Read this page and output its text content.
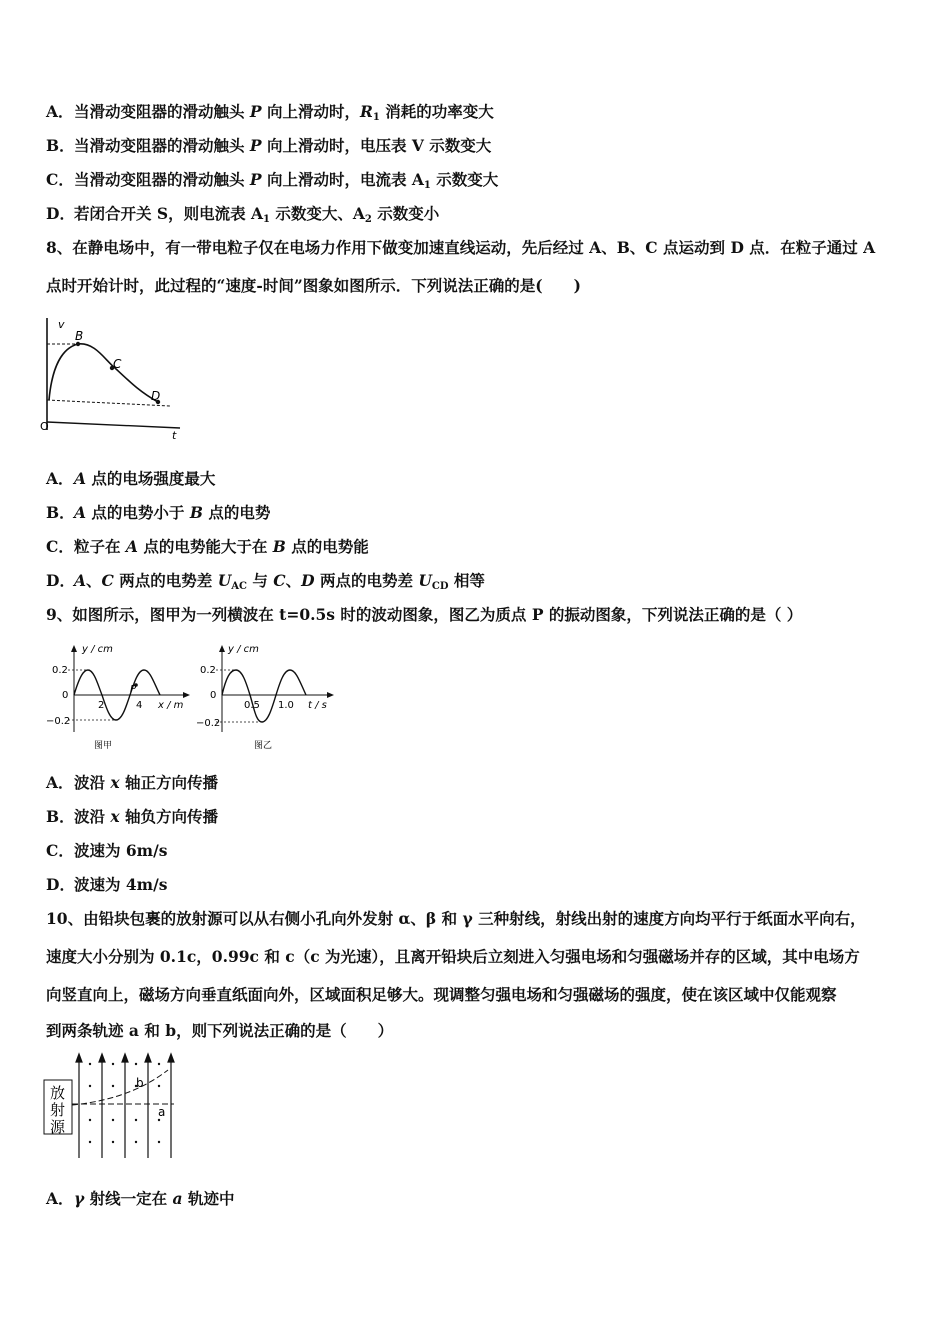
A．当滑动变阻器的滑动触头 P 向上滑动时，$R_1$ 消耗的功率变大
B．当滑动变阻器的滑动触头 P 向上滑动时，电压表 V 示数变大
C．当滑动变阻器的滑动触头 P 向上滑动时，电流表 $A_1$ 示数变大
D．若闭合开关 S，则电流表 $A_1$ 示数变大、$A_2$ 示数变小
8、在静电场中，有一带电粒子仅在电场力作用下做变加速直线运动，先后经过 A、B、C 点运动到 D 点．在粒子通过 A
点时开始计时，此过程的“速度-时间”图象如图所示．下列说法正确的是(　　)
v
B
C
D
O
t
A．A 点的电场强度最大
B．A 点的电势小于 B 点的电势
C．粒子在 A 点的电势能大于在 B 点的电势能
D．A、C 两点的电势差 $U_{AC}$ 与 C、D 两点的电势差 $U_{CD}$ 相等
9、如图所示，图甲为一列横波在 t=0.5s 时的波动图象，图乙为质点 P 的振动图象，下列说法正确的是（ ）
y / cm
0.2
0
−0.2
2	4
P
x / m
图甲
y / cm
0.2
0
−0.2
0.5 1.0 t / s
图乙
A．波沿 x 轴正方向传播
B．波沿 x 轴负方向传播
C．波速为 6m/s
D．波速为 4m/s
10、由铅块包裹的放射源可以从右侧小孔向外发射 α、β 和 γ 三种射线，射线出射的速度方向均平行于纸面水平向右，
速度大小分别为 0.1c，0.99c 和 c（c 为光速），且离开铅块后立刻进入匀强电场和匀强磁场并存的区域，其中电场方
向竖直向上，磁场方向垂直纸面向外，区域面积足够大。现调整匀强电场和匀强磁场的强度，使在该区域中仅能观察
到两条轨迹 a 和 b，则下列说法正确的是（　　）
放
射
源
b
a
A．γ 射线一定在 a 轨迹中
